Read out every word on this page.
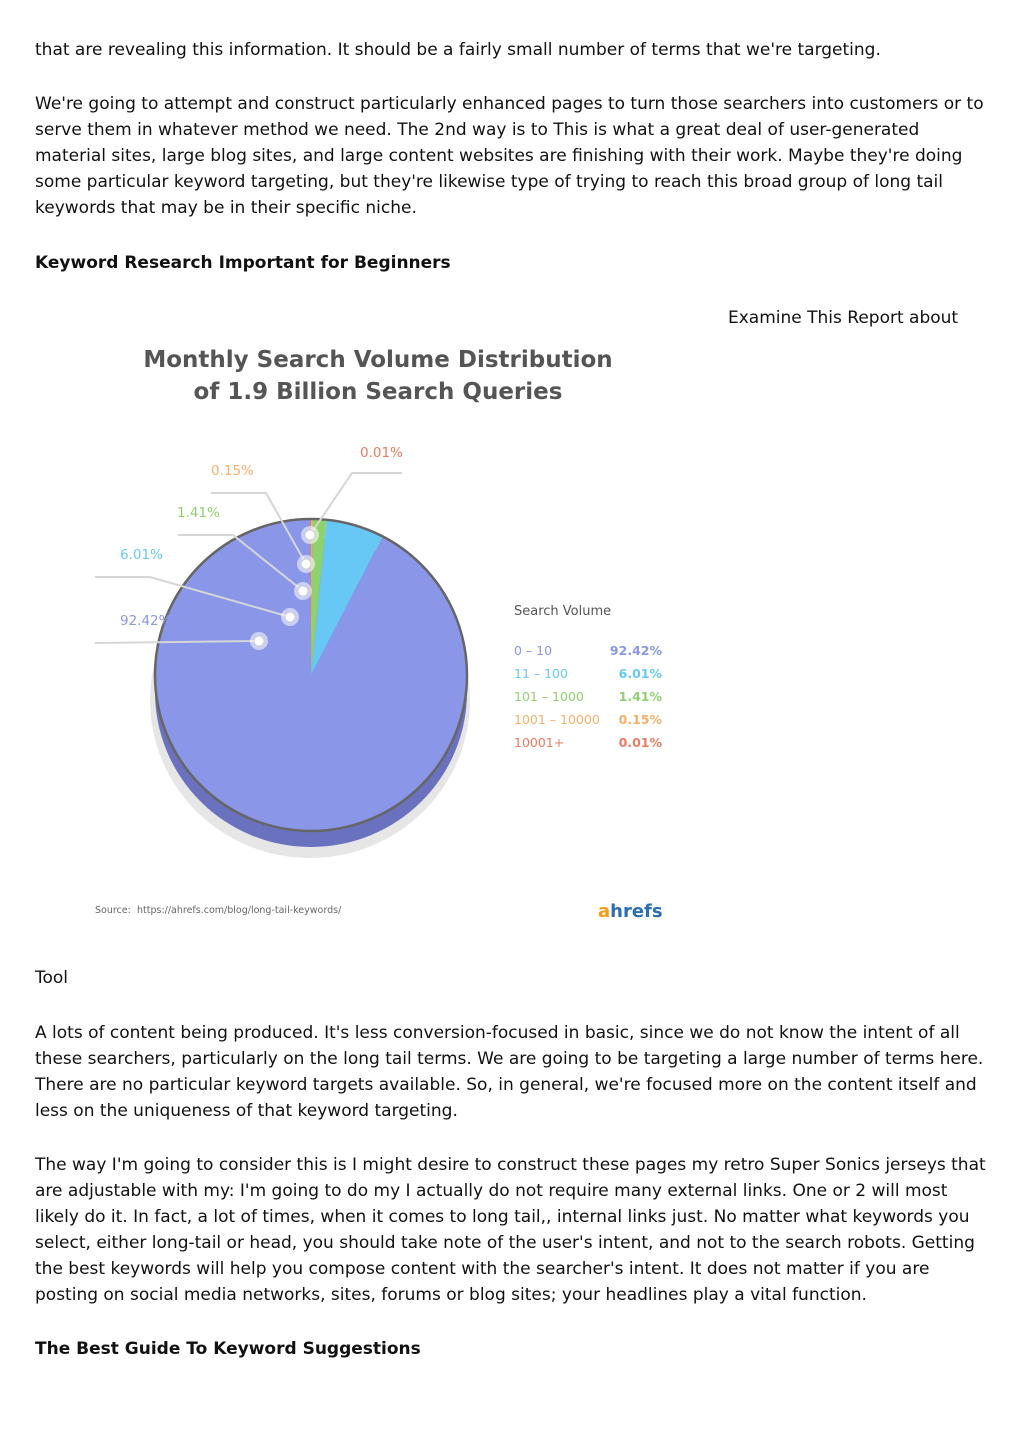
that are revealing this information. It should be a fairly small number of terms that we're targeting.

We're going to attempt and construct particularly enhanced pages to turn those searchers into customers or to serve them in whatever method we need. The 2nd way is to This is what a great deal of user-generated material sites, large blog sites, and large content websites are finishing with their work. Maybe they're doing some particular keyword targeting, but they're likewise type of trying to reach this broad group of long tail keywords that may be in their specific niche.

Keyword Research Important for Beginners

Examine This Report about
Monthly Search Volume Distribution
of 1.9 Billion Search Queries
92.42%
6.01%
1.41%
0.15%
0.01%
Search Volume
0 – 10	92.42%
11 – 100	6.01%
101 – 1000	1.41%
1001 – 10000 0.15%
10001+	0.01%
Source: https://ahrefs.com/blog/long-tail-keywords/	ahrefs

Tool

A lots of content being produced. It's less conversion-focused in basic, since we do not know the intent of all these searchers, particularly on the long tail terms. We are going to be targeting a large number of terms here. There are no particular keyword targets available. So, in general, we're focused more on the content itself and less on the uniqueness of that keyword targeting.

The way I'm going to consider this is I might desire to construct these pages my retro Super Sonics jerseys that are adjustable with my: I'm going to do my I actually do not require many external links. One or 2 will most likely do it. In fact, a lot of times, when it comes to long tail,, internal links just. No matter what keywords you select, either long-tail or head, you should take note of the user's intent, and not to the search robots. Getting the best keywords will help you compose content with the searcher's intent. It does not matter if you are posting on social media networks, sites, forums or blog sites; your headlines play a vital function.

The Best Guide To Keyword Suggestions
